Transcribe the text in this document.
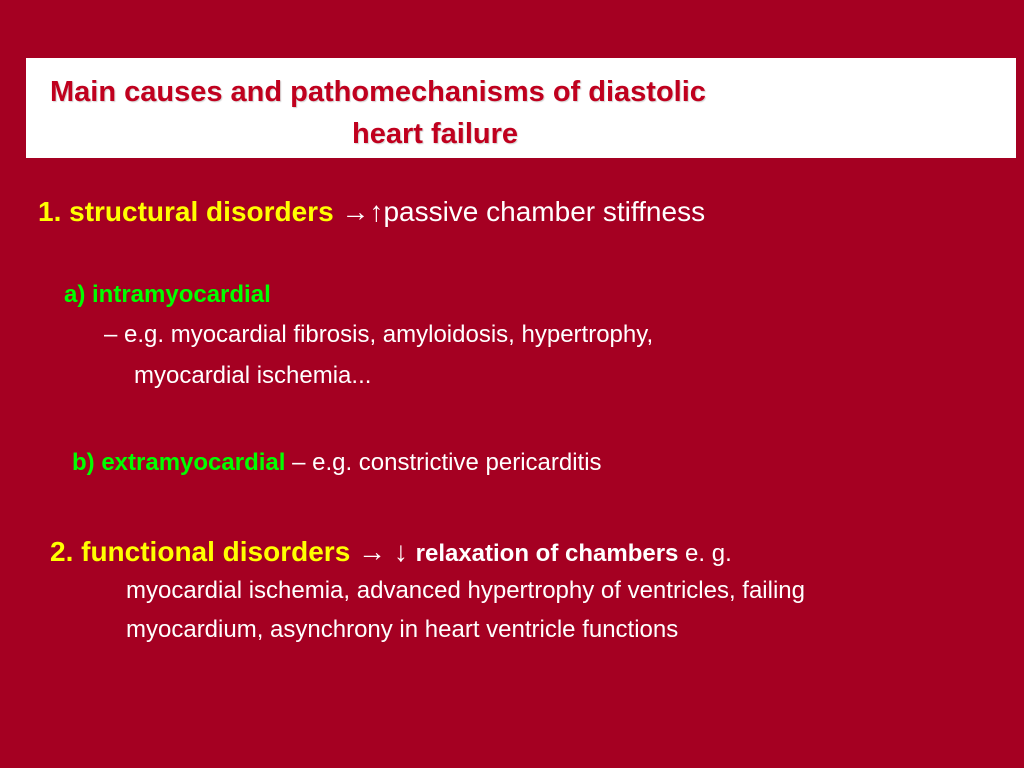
Main causes and pathomechanisms of diastolic

heart failure

1. structural disorders →↑passive chamber stiffness

a) intramyocardial

– e.g. myocardial fibrosis, amyloidosis, hypertrophy,

myocardial ischemia...

b) extramyocardial – e.g. constrictive pericarditis

2. functional disorders → ↓ relaxation of chambers e. g.

myocardial ischemia, advanced hypertrophy of ventricles, failing

myocardium, asynchrony in heart ventricle functions
